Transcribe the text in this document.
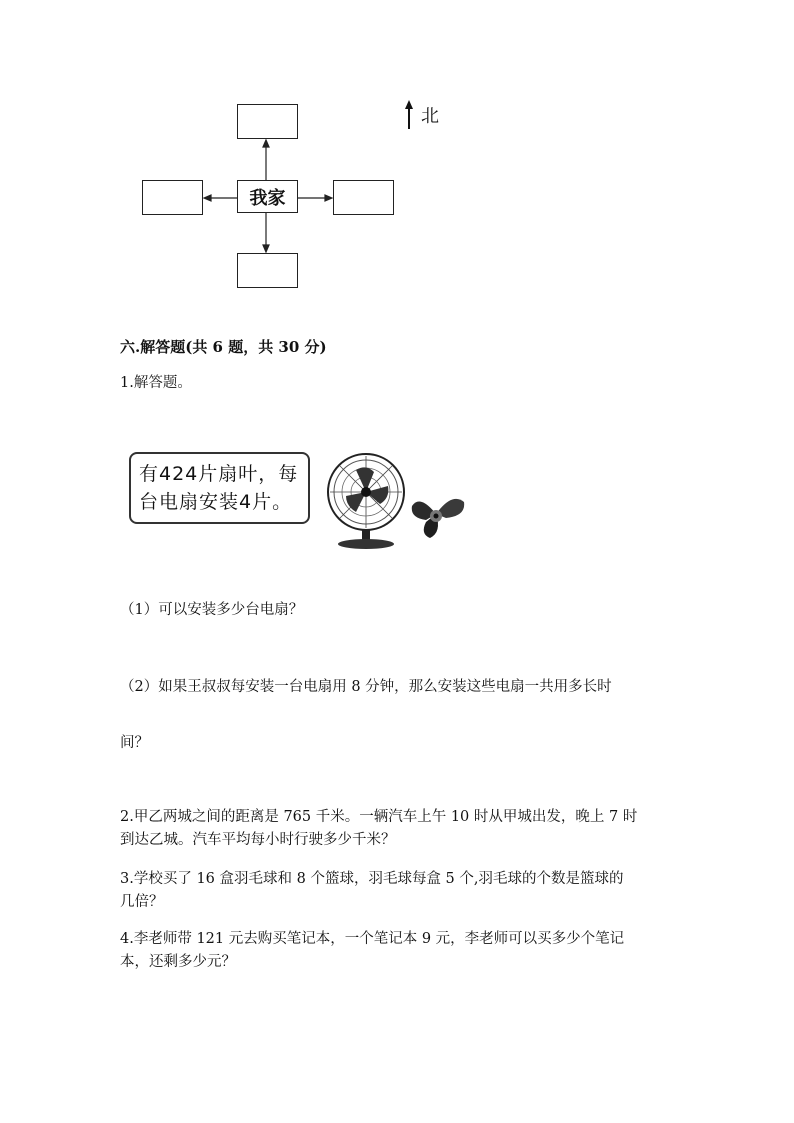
我家
北
六.解答题(共 6 题，共 30 分)
1.解答题。
有424片扇叶，每
台电扇安装4片。
（1）可以安装多少台电扇？
（2）如果王叔叔每安装一台电扇用 8 分钟，那么安装这些电扇一共用多长时
间？
2.甲乙两城之间的距离是 765 千米。一辆汽车上午 10 时从甲城出发，晚上 7 时
到达乙城。汽车平均每小时行驶多少千米？
3.学校买了 16 盒羽毛球和 8 个篮球，羽毛球每盒 5 个,羽毛球的个数是篮球的
几倍？
4.李老师带 121 元去购买笔记本，一个笔记本 9 元，李老师可以买多少个笔记
本，还剩多少元？
